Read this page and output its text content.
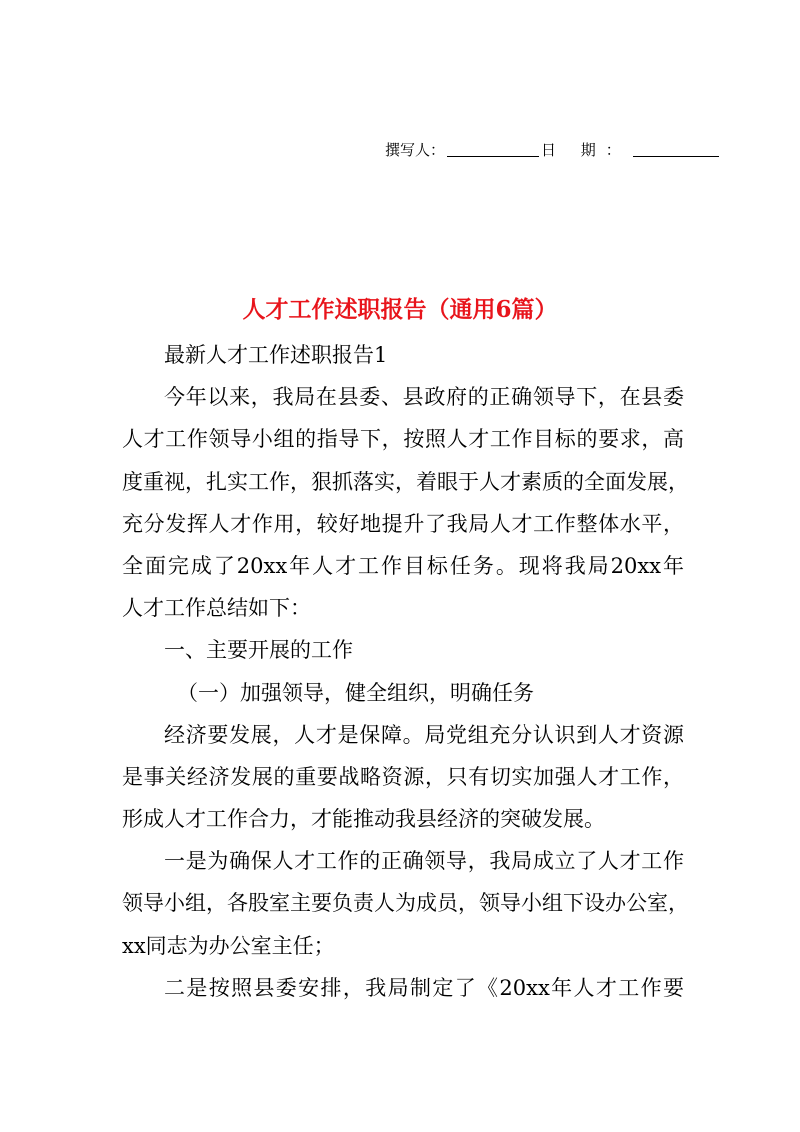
撰写人：	日 期：
人才工作述职报告（通用6篇）
最新人才工作述职报告1
今年以来，我局在县委、县政府的正确领导下，在县委
人才工作领导小组的指导下，按照人才工作目标的要求，高
度重视，扎实工作，狠抓落实，着眼于人才素质的全面发展，
充分发挥人才作用，较好地提升了我局人才工作整体水平，
全面完成了20xx年人才工作目标任务。现将我局20xx年
人才工作总结如下：
一、主要开展的工作
（一）加强领导，健全组织，明确任务
经济要发展，人才是保障。局党组充分认识到人才资源
是事关经济发展的重要战略资源，只有切实加强人才工作，
形成人才工作合力，才能推动我县经济的突破发展。
一是为确保人才工作的正确领导，我局成立了人才工作
领导小组，各股室主要负责人为成员，领导小组下设办公室，
xx同志为办公室主任；
二是按照县委安排，我局制定了《20xx年人才工作要
